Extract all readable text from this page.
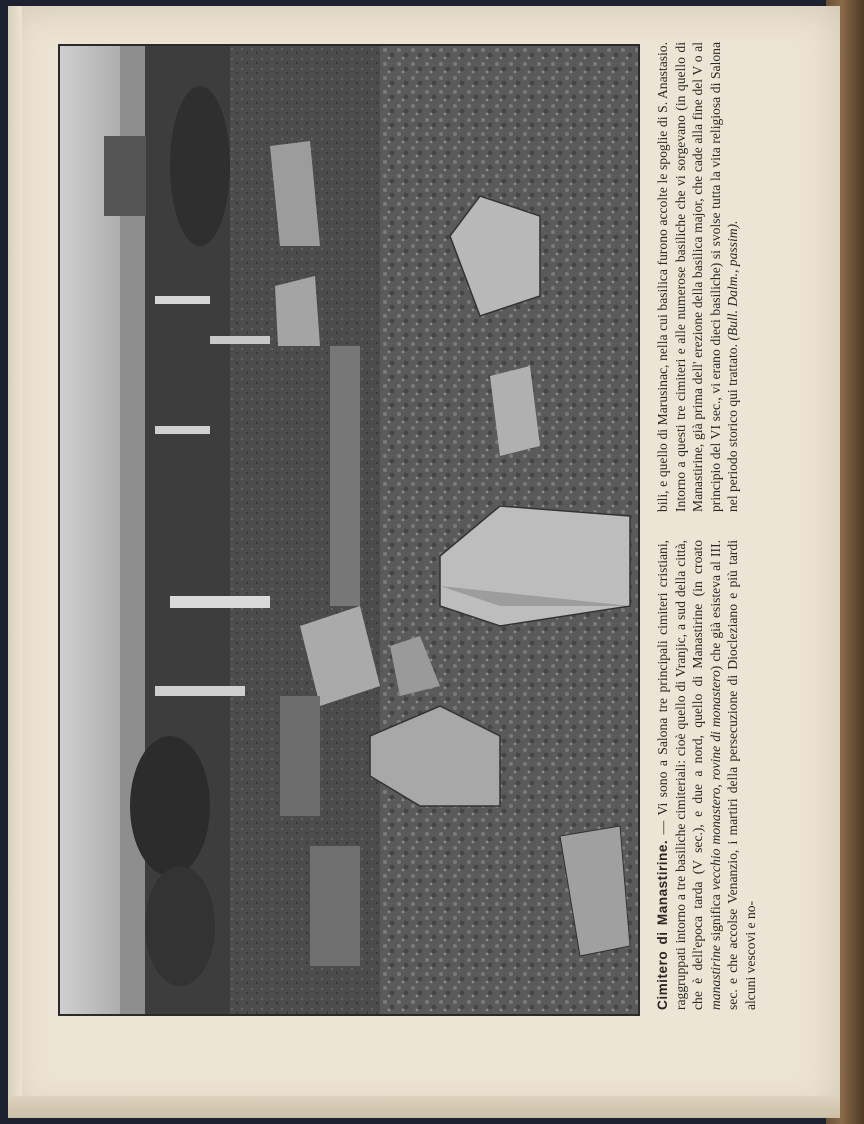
Cimitero di Manastirine. — Vi sono a Salona tre principali cimiteri cristiani, raggruppati intorno a tre basiliche cimiteriali: cioè quello di Vranjic, a sud della città, che è dell'epoca tarda (V sec.), e due a nord, quello di Manastirine (in croato manastirine significa vecchio monastero, rovine di monastero) che già esisteva al III. sec. e che accolse Venanzio, i martiri della persecuzione di Diocleziano e più tardi alcuni vescovi e no-

bili, e quello di Marusinac, nella cui basilica furono accolte le spoglie di S. Anastasio. Intorno a questi tre cimiteri e alle numerose basiliche che vi sorgevano (in quello di Manastirine, già prima dell' erezione della basilica major, che cade alla fine del V o al principio del VI sec., vi erano dieci basiliche) si svolse tutta la vita religiosa di Salona nel periodo storico qui trattato. (Bull. Dalm., passim).
